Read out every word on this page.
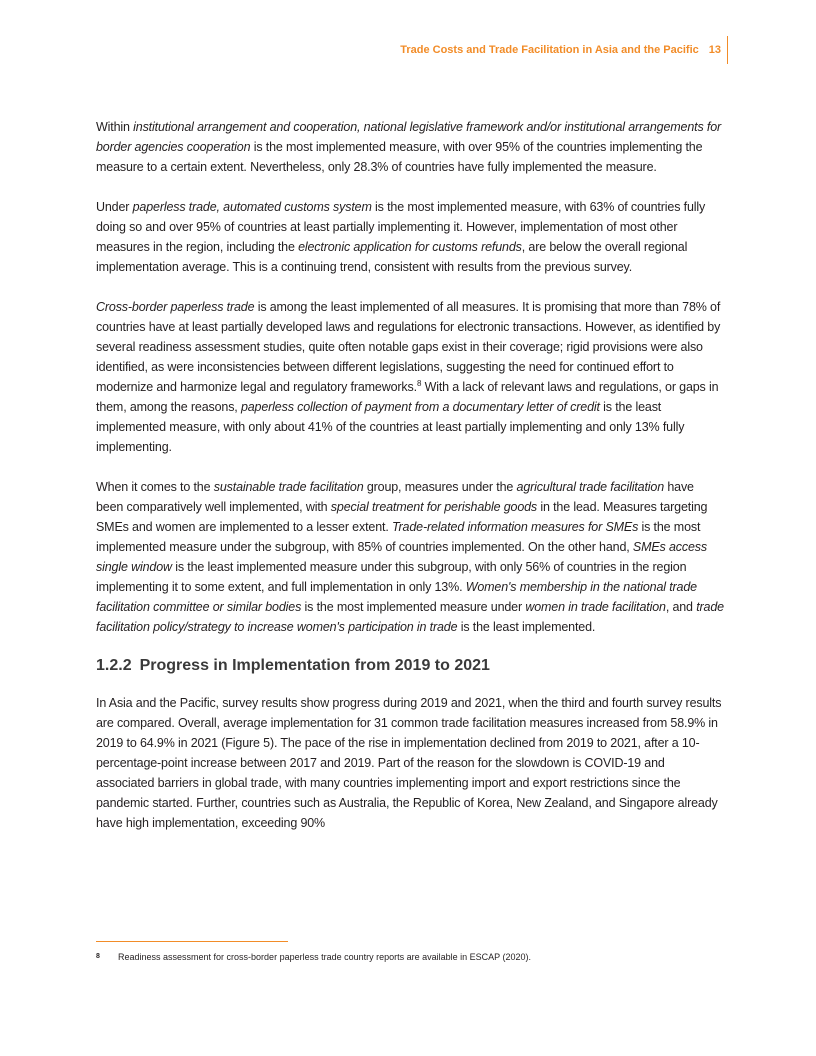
Trade Costs and Trade Facilitation in Asia and the Pacific 13

Within institutional arrangement and cooperation, national legislative framework and/or institutional arrangements for border agencies cooperation is the most implemented measure, with over 95% of the countries implementing the measure to a certain extent. Nevertheless, only 28.3% of countries have fully implemented the measure.

Under paperless trade, automated customs system is the most implemented measure, with 63% of countries fully doing so and over 95% of countries at least partially implementing it. However, implementation of most other measures in the region, including the electronic application for customs refunds, are below the overall regional implementation average. This is a continuing trend, consistent with results from the previous survey.

Cross-border paperless trade is among the least implemented of all measures. It is promising that more than 78% of countries have at least partially developed laws and regulations for electronic transactions. However, as identified by several readiness assessment studies, quite often notable gaps exist in their coverage; rigid provisions were also identified, as were inconsistencies between different legislations, suggesting the need for continued effort to modernize and harmonize legal and regulatory frameworks.$^8$ With a lack of relevant laws and regulations, or gaps in them, among the reasons, paperless collection of payment from a documentary letter of credit is the least implemented measure, with only about 41% of the countries at least partially implementing and only 13% fully implementing.

When it comes to the sustainable trade facilitation group, measures under the agricultural trade facilitation have been comparatively well implemented, with special treatment for perishable goods in the lead. Measures targeting SMEs and women are implemented to a lesser extent. Trade-related information measures for SMEs is the most implemented measure under the subgroup, with 85% of countries implemented. On the other hand, SMEs access single window is the least implemented measure under this subgroup, with only 56% of countries in the region implementing it to some extent, and full implementation in only 13%. Women's membership in the national trade facilitation committee or similar bodies is the most implemented measure under women in trade facilitation, and trade facilitation policy/strategy to increase women's participation in trade is the least implemented.

1.2.2 Progress in Implementation from 2019 to 2021

In Asia and the Pacific, survey results show progress during 2019 and 2021, when the third and fourth survey results are compared. Overall, average implementation for 31 common trade facilitation measures increased from 58.9% in 2019 to 64.9% in 2021 (Figure 5). The pace of the rise in implementation declined from 2019 to 2021, after a 10-percentage-point increase between 2017 and 2019. Part of the reason for the slowdown is COVID-19 and associated barriers in global trade, with many countries implementing import and export restrictions since the pandemic started. Further, countries such as Australia, the Republic of Korea, New Zealand, and Singapore already have high implementation, exceeding 90%

8	Readiness assessment for cross-border paperless trade country reports are available in ESCAP (2020).
